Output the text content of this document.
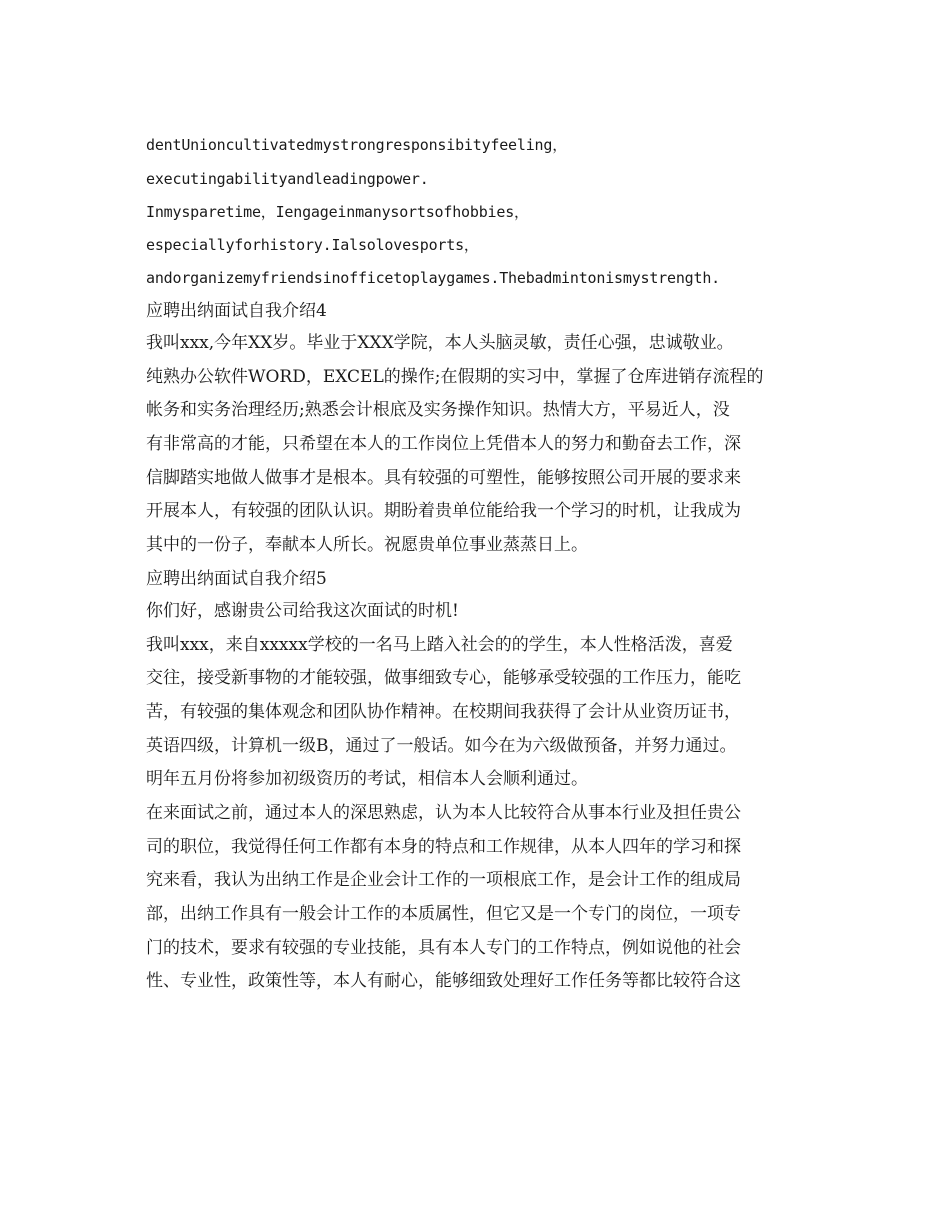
dentUnioncultivatedmystrongresponsibityfeeling，
executingabilityandleadingpower.
Inmysparetime，Iengageinmanysortsofhobbies，
especiallyforhistory.Ialsolovesports，
andorganizemyfriendsinofficetoplaygames.Thebadmintonismystrength.
应聘出纳面试自我介绍4
我叫xxx,今年XX岁。毕业于XXX学院，本人头脑灵敏，责任心强，忠诚敬业。
纯熟办公软件WORD，EXCEL的操作;在假期的实习中，掌握了仓库进销存流程的
帐务和实务治理经历;熟悉会计根底及实务操作知识。热情大方，平易近人，没
有非常高的才能，只希望在本人的工作岗位上凭借本人的努力和勤奋去工作，深
信脚踏实地做人做事才是根本。具有较强的可塑性，能够按照公司开展的要求来
开展本人，有较强的团队认识。期盼着贵单位能给我一个学习的时机，让我成为
其中的一份子，奉献本人所长。祝愿贵单位事业蒸蒸日上。
应聘出纳面试自我介绍5
你们好，感谢贵公司给我这次面试的时机!
我叫xxx，来自xxxxx学校的一名马上踏入社会的的学生，本人性格活泼，喜爱
交往，接受新事物的才能较强，做事细致专心，能够承受较强的工作压力，能吃
苦，有较强的集体观念和团队协作精神。在校期间我获得了会计从业资历证书，
英语四级，计算机一级B，通过了一般话。如今在为六级做预备，并努力通过。
明年五月份将参加初级资历的考试，相信本人会顺利通过。
在来面试之前，通过本人的深思熟虑，认为本人比较符合从事本行业及担任贵公
司的职位，我觉得任何工作都有本身的特点和工作规律，从本人四年的学习和探
究来看，我认为出纳工作是企业会计工作的一项根底工作，是会计工作的组成局
部，出纳工作具有一般会计工作的本质属性，但它又是一个专门的岗位，一项专
门的技术，要求有较强的专业技能，具有本人专门的工作特点，例如说他的社会
性、专业性，政策性等，本人有耐心，能够细致处理好工作任务等都比较符合这
